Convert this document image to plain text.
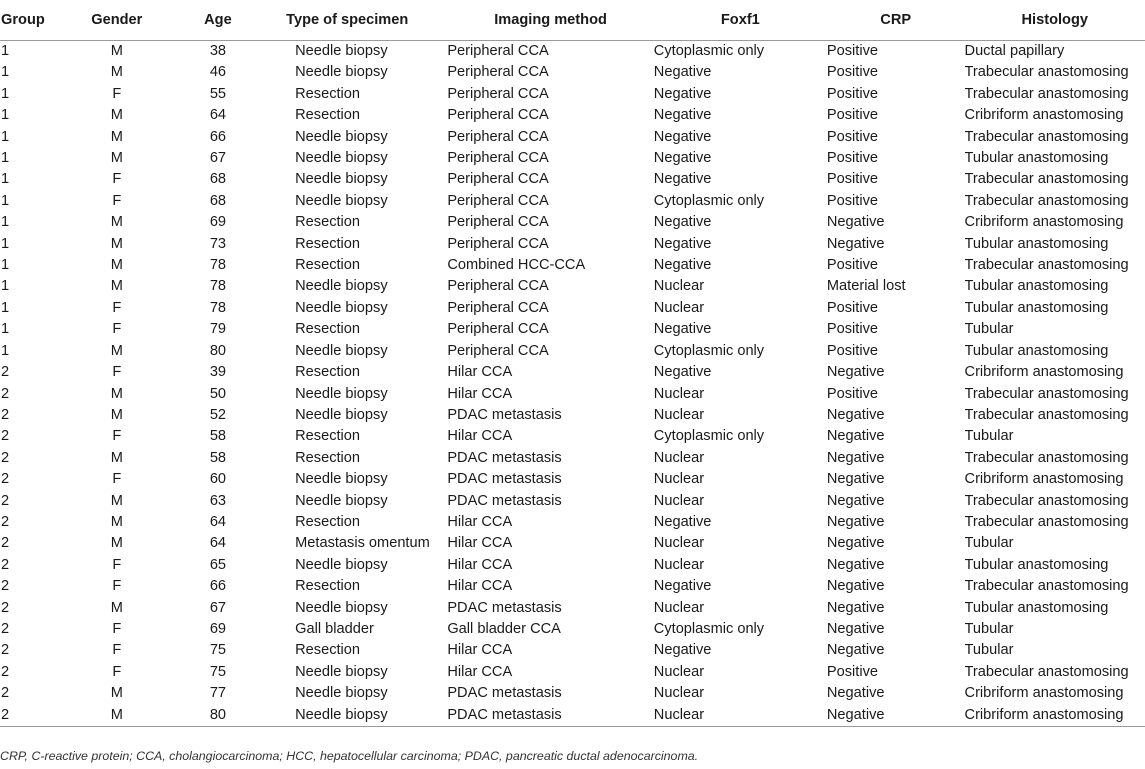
Group	Gender	Age	Type of specimen	Imaging method	Foxf1	CRP	Histology
1	M	38	Needle biopsy	Peripheral CCA	Cytoplasmic only	Positive	Ductal papillary
1	M	46	Needle biopsy	Peripheral CCA	Negative	Positive	Trabecular anastomosing
1	F	55	Resection	Peripheral CCA	Negative	Positive	Trabecular anastomosing
1	M	64	Resection	Peripheral CCA	Negative	Positive	Cribriform anastomosing
1	M	66	Needle biopsy	Peripheral CCA	Negative	Positive	Trabecular anastomosing
1	M	67	Needle biopsy	Peripheral CCA	Negative	Positive	Tubular anastomosing
1	F	68	Needle biopsy	Peripheral CCA	Negative	Positive	Trabecular anastomosing
1	F	68	Needle biopsy	Peripheral CCA	Cytoplasmic only	Positive	Trabecular anastomosing
1	M	69	Resection	Peripheral CCA	Negative	Negative	Cribriform anastomosing
1	M	73	Resection	Peripheral CCA	Negative	Negative	Tubular anastomosing
1	M	78	Resection	Combined HCC-CCA	Negative	Positive	Trabecular anastomosing
1	M	78	Needle biopsy	Peripheral CCA	Nuclear	Material lost	Tubular anastomosing
1	F	78	Needle biopsy	Peripheral CCA	Nuclear	Positive	Tubular anastomosing
1	F	79	Resection	Peripheral CCA	Negative	Positive	Tubular
1	M	80	Needle biopsy	Peripheral CCA	Cytoplasmic only	Positive	Tubular anastomosing
2	F	39	Resection	Hilar CCA	Negative	Negative	Cribriform anastomosing
2	M	50	Needle biopsy	Hilar CCA	Nuclear	Positive	Trabecular anastomosing
2	M	52	Needle biopsy	PDAC metastasis	Nuclear	Negative	Trabecular anastomosing
2	F	58	Resection	Hilar CCA	Cytoplasmic only	Negative	Tubular
2	M	58	Resection	PDAC metastasis	Nuclear	Negative	Trabecular anastomosing
2	F	60	Needle biopsy	PDAC metastasis	Nuclear	Negative	Cribriform anastomosing
2	M	63	Needle biopsy	PDAC metastasis	Nuclear	Negative	Trabecular anastomosing
2	M	64	Resection	Hilar CCA	Negative	Negative	Trabecular anastomosing
2	M	64	Metastasis omentum	Hilar CCA	Nuclear	Negative	Tubular
2	F	65	Needle biopsy	Hilar CCA	Nuclear	Negative	Tubular anastomosing
2	F	66	Resection	Hilar CCA	Negative	Negative	Trabecular anastomosing
2	M	67	Needle biopsy	PDAC metastasis	Nuclear	Negative	Tubular anastomosing
2	F	69	Gall bladder	Gall bladder CCA	Cytoplasmic only	Negative	Tubular
2	F	75	Resection	Hilar CCA	Negative	Negative	Tubular
2	F	75	Needle biopsy	Hilar CCA	Nuclear	Positive	Trabecular anastomosing
2	M	77	Needle biopsy	PDAC metastasis	Nuclear	Negative	Cribriform anastomosing
2	M	80	Needle biopsy	PDAC metastasis	Nuclear	Negative	Cribriform anastomosing
CRP, C-reactive protein; CCA, cholangiocarcinoma; HCC, hepatocellular carcinoma; PDAC, pancreatic ductal adenocarcinoma.
